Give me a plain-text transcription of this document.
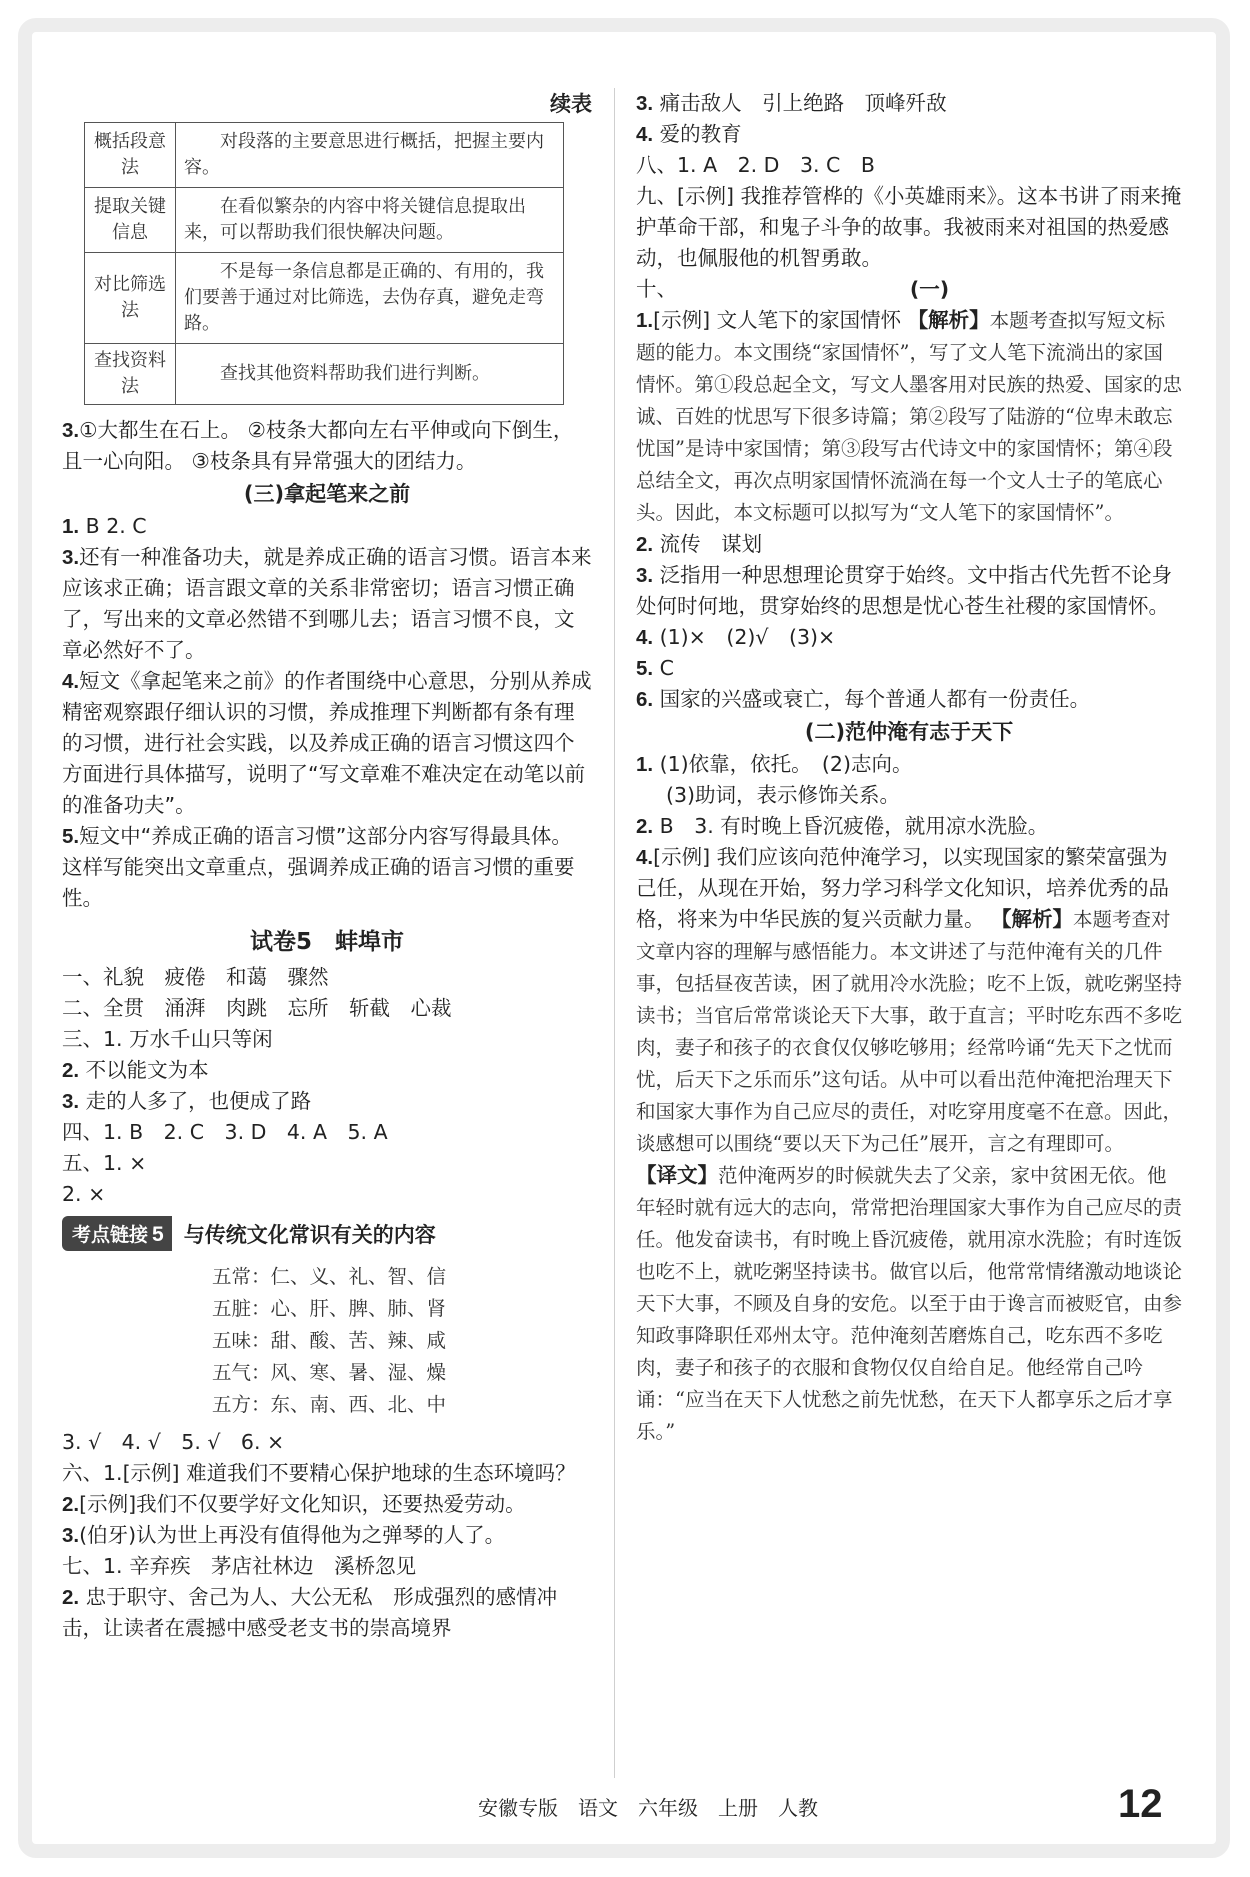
续表
概括段意法	对段落的主要意思进行概括，把握主要内容。
提取关键信息	在看似繁杂的内容中将关键信息提取出来，可以帮助我们很快解决问题。
对比筛选法	不是每一条信息都是正确的、有用的，我们要善于通过对比筛选，去伪存真，避免走弯路。
查找资料法	查找其他资料帮助我们进行判断。
3.①大都生在石上。 ②枝条大都向左右平伸或向下倒生，且一心向阳。 ③枝条具有异常强大的团结力。
(三)拿起笔来之前
1. B 2. C
3.还有一种准备功夫，就是养成正确的语言习惯。语言本来应该求正确；语言跟文章的关系非常密切；语言习惯正确了，写出来的文章必然错不到哪儿去；语言习惯不良，文章必然好不了。
4.短文《拿起笔来之前》的作者围绕中心意思，分别从养成精密观察跟仔细认识的习惯，养成推理下判断都有条有理的习惯，进行社会实践，以及养成正确的语言习惯这四个方面进行具体描写，说明了“写文章难不难决定在动笔以前的准备功夫”。
5.短文中“养成正确的语言习惯”这部分内容写得最具体。这样写能突出文章重点，强调养成正确的语言习惯的重要性。
试卷5　蚌埠市
一、礼貌　疲倦　和蔼　骤然
二、全贯　涌湃　肉跳　忘所　斩截　心裁
三、1. 万水千山只等闲
2. 不以能文为本
3. 走的人多了，也便成了路
四、1. B　2. C　3. D　4. A　5. A
五、1. ×
2. ×
考点链接 5 与传统文化常识有关的内容
五常：仁、义、礼、智、信
五脏：心、肝、脾、肺、肾
五味：甜、酸、苦、辣、咸
五气：风、寒、暑、湿、燥
五方：东、南、西、北、中
3. √　4. √　5. √　6. ×
六、1.[示例] 难道我们不要精心保护地球的生态环境吗？
2.[示例]我们不仅要学好文化知识，还要热爱劳动。
3.(伯牙)认为世上再没有值得他为之弹琴的人了。
七、1. 辛弃疾　茅店社林边　溪桥忽见
2. 忠于职守、舍己为人、大公无私　形成强烈的感情冲击，让读者在震撼中感受老支书的崇高境界
3. 痛击敌人　引上绝路　顶峰歼敌
4. 爱的教育
八、1. A　2. D　3. C　B
九、[示例] 我推荐管桦的《小英雄雨来》。这本书讲了雨来掩护革命干部，和鬼子斗争的故事。我被雨来对祖国的热爱感动，也佩服他的机智勇敢。
十、	(一)
1.[示例] 文人笔下的家国情怀 【解析】本题考查拟写短文标题的能力。本文围绕“家国情怀”，写了文人笔下流淌出的家国情怀。第①段总起全文，写文人墨客用对民族的热爱、国家的忠诚、百姓的忧思写下很多诗篇；第②段写了陆游的“位卑未敢忘忧国”是诗中家国情；第③段写古代诗文中的家国情怀；第④段总结全文，再次点明家国情怀流淌在每一个文人士子的笔底心头。因此，本文标题可以拟写为“文人笔下的家国情怀”。
2. 流传　谋划
3. 泛指用一种思想理论贯穿于始终。文中指古代先哲不论身处何时何地，贯穿始终的思想是忧心苍生社稷的家国情怀。
4. (1)×　(2)√　(3)×
5. C
6. 国家的兴盛或衰亡，每个普通人都有一份责任。
(二)范仲淹有志于天下
1. (1)依靠，依托。　(2)志向。
(3)助词，表示修饰关系。
2. B　3. 有时晚上昏沉疲倦，就用凉水洗脸。
4.[示例] 我们应该向范仲淹学习，以实现国家的繁荣富强为己任，从现在开始，努力学习科学文化知识，培养优秀的品格，将来为中华民族的复兴贡献力量。 【解析】本题考查对文章内容的理解与感悟能力。本文讲述了与范仲淹有关的几件事，包括昼夜苦读，困了就用冷水洗脸；吃不上饭，就吃粥坚持读书；当官后常常谈论天下大事，敢于直言；平时吃东西不多吃肉，妻子和孩子的衣食仅仅够吃够用；经常吟诵“先天下之忧而忧，后天下之乐而乐”这句话。从中可以看出范仲淹把治理天下和国家大事作为自己应尽的责任，对吃穿用度毫不在意。因此，谈感想可以围绕“要以天下为己任”展开，言之有理即可。
【译文】范仲淹两岁的时候就失去了父亲，家中贫困无依。他年轻时就有远大的志向，常常把治理国家大事作为自己应尽的责任。他发奋读书，有时晚上昏沉疲倦，就用凉水洗脸；有时连饭也吃不上，就吃粥坚持读书。做官以后，他常常情绪激动地谈论天下大事，不顾及自身的安危。以至于由于谗言而被贬官，由参知政事降职任邓州太守。范仲淹刻苦磨炼自己，吃东西不多吃肉，妻子和孩子的衣服和食物仅仅自给自足。他经常自己吟诵：“应当在天下人忧愁之前先忧愁，在天下人都享乐之后才享乐。”
安徽专版　语文　六年级　上册　人教	12
